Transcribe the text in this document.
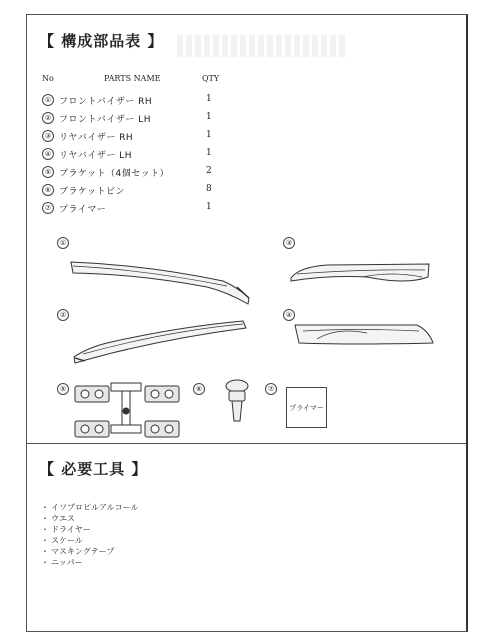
【 構成部品表 】
No	PARTS NAME	QTY
① フロントバイザー RH	1
② フロントバイザー LH	1
③ リヤバイザー RH	1
④ リヤバイザー LH	1
⑤ ブラケット（4個セット）	2
⑥ ブラケットピン	8
⑦ プライマー	1
①
②
③
④
⑤	⑥	⑦
プライマー
【 必要工具 】
・ イソプロピルアルコール
・ ウエス
・ ドライヤー
・ スケール
・ マスキングテープ
・ ニッパー
